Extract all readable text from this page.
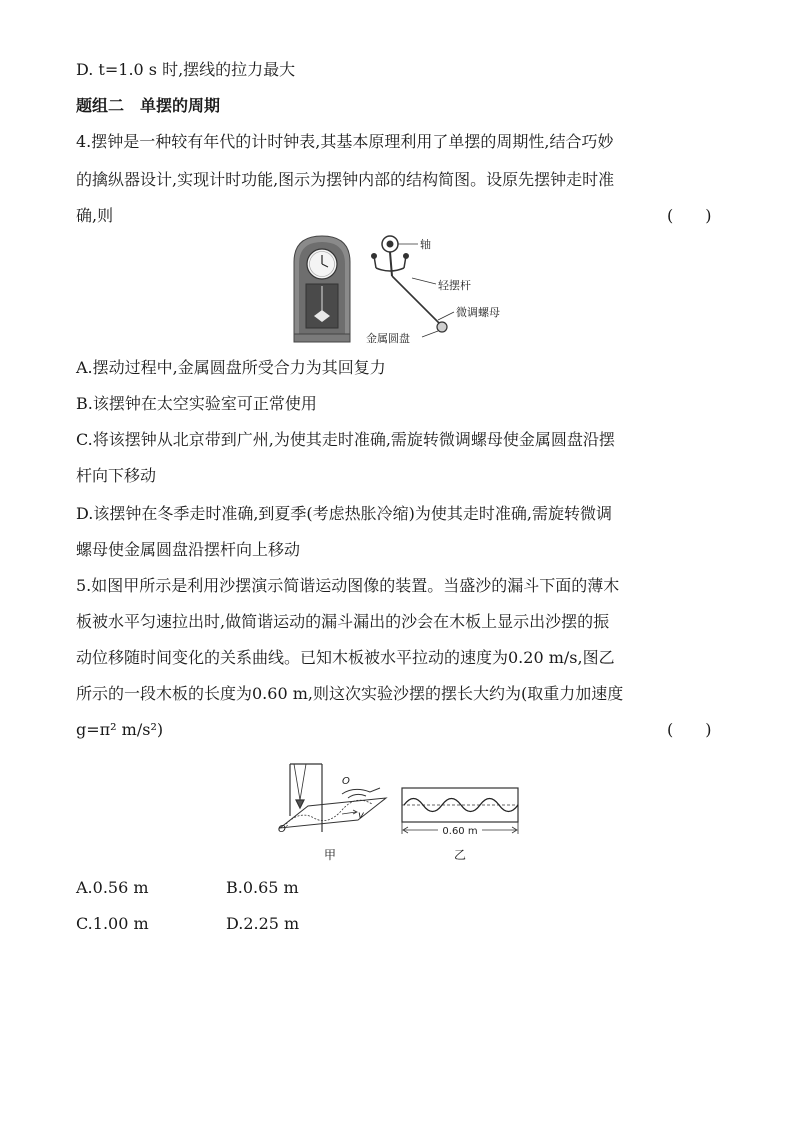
D. t=1.0 s 时,摆线的拉力最大
题组二　单摆的周期
4.摆钟是一种较有年代的计时钟表,其基本原理利用了单摆的周期性,结合巧妙
的擒纵器设计,实现计时功能,图示为摆钟内部的结构简图。设原先摆钟走时准
确,则	(　　)
轴
轻摆杆
微调螺母
金属圆盘
A.摆动过程中,金属圆盘所受合力为其回复力
B.该摆钟在太空实验室可正常使用
C.将该摆钟从北京带到广州,为使其走时准确,需旋转微调螺母使金属圆盘沿摆
杆向下移动
D.该摆钟在冬季走时准确,到夏季(考虑热胀冷缩)为使其走时准确,需旋转微调
螺母使金属圆盘沿摆杆向上移动
5.如图甲所示是利用沙摆演示简谐运动图像的装置。当盛沙的漏斗下面的薄木
板被水平匀速拉出时,做简谐运动的漏斗漏出的沙会在木板上显示出沙摆的振
动位移随时间变化的关系曲线。已知木板被水平拉动的速度为0.20 m/s,图乙
所示的一段木板的长度为0.60 m,则这次实验沙摆的摆长大约为(取重力加速度
g=π² m/s²)	(　　)
O
O′
v
甲
0.60 m
乙
A.0.56 m	B.0.65 m
C.1.00 m	D.2.25 m
